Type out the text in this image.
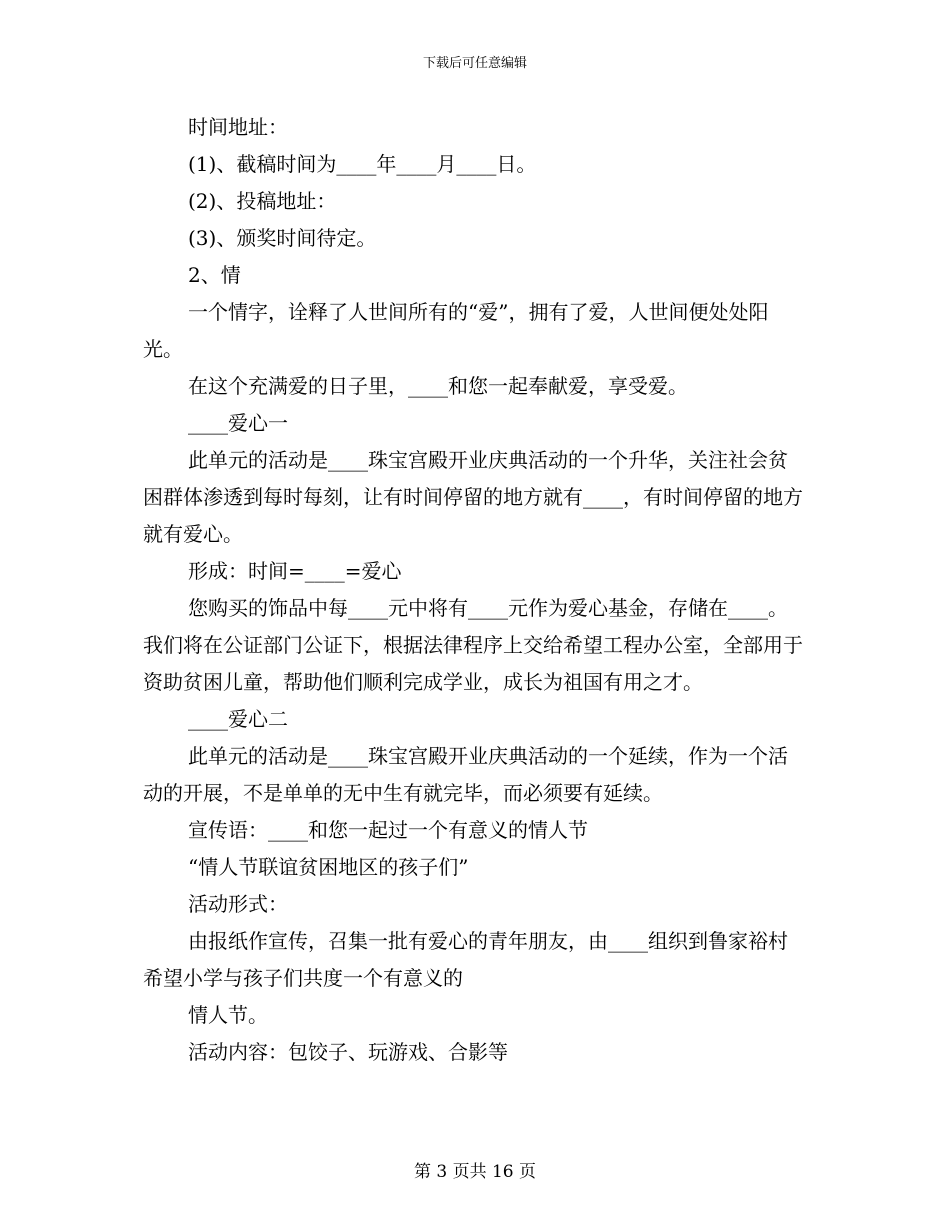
下载后可任意编辑

时间地址：

(1)、截稿时间为____年____月____日。

(2)、投稿地址：

(3)、颁奖时间待定。

2、情

一个情字，诠释了人世间所有的“爱”，拥有了爱，人世间便处处阳光。

在这个充满爱的日子里，____和您一起奉献爱，享受爱。

____爱心一

此单元的活动是____珠宝宫殿开业庆典活动的一个升华，关注社会贫困群体渗透到每时每刻，让有时间停留的地方就有____，有时间停留的地方就有爱心。

形成：时间=____=爱心

您购买的饰品中每____元中将有____元作为爱心基金，存储在____。我们将在公证部门公证下，根据法律程序上交给希望工程办公室，全部用于资助贫困儿童，帮助他们顺利完成学业，成长为祖国有用之才。

____爱心二

此单元的活动是____珠宝宫殿开业庆典活动的一个延续，作为一个活动的开展，不是单单的无中生有就完毕，而必须要有延续。

宣传语：____和您一起过一个有意义的情人节

“情人节联谊贫困地区的孩子们”

活动形式：

由报纸作宣传，召集一批有爱心的青年朋友，由____组织到鲁家裕村希望小学与孩子们共度一个有意义的

情人节。

活动内容：包饺子、玩游戏、合影等

第 3 页共 16 页
